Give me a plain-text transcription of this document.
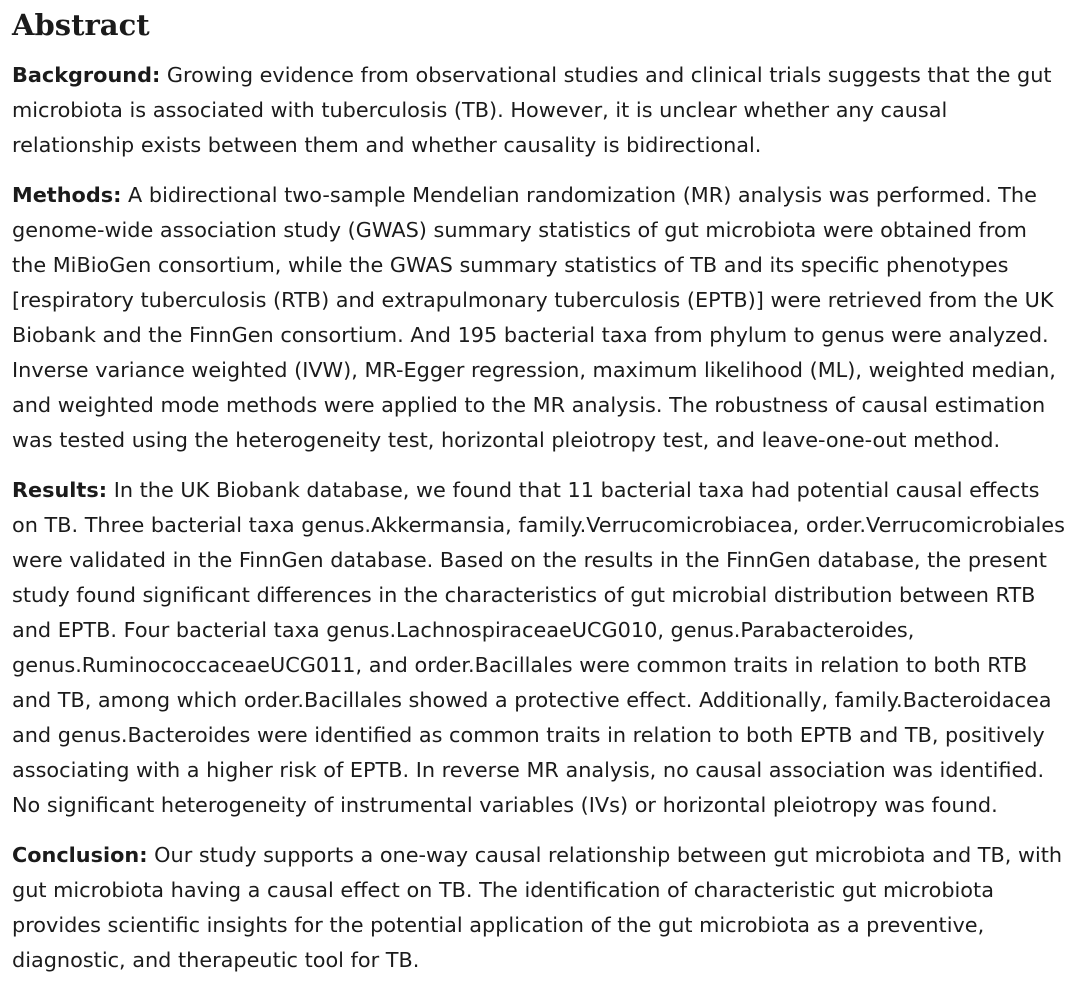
Abstract

Background: Growing evidence from observational studies and clinical trials suggests that the gut microbiota is associated with tuberculosis (TB). However, it is unclear whether any causal relationship exists between them and whether causality is bidirectional.

Methods: A bidirectional two-sample Mendelian randomization (MR) analysis was performed. The genome-wide association study (GWAS) summary statistics of gut microbiota were obtained from the MiBioGen consortium, while the GWAS summary statistics of TB and its specific phenotypes [respiratory tuberculosis (RTB) and extrapulmonary tuberculosis (EPTB)] were retrieved from the UK Biobank and the FinnGen consortium. And 195 bacterial taxa from phylum to genus were analyzed. Inverse variance weighted (IVW), MR-Egger regression, maximum likelihood (ML), weighted median, and weighted mode methods were applied to the MR analysis. The robustness of causal estimation was tested using the heterogeneity test, horizontal pleiotropy test, and leave-one-out method.

Results: In the UK Biobank database, we found that 11 bacterial taxa had potential causal effects on TB. Three bacterial taxa genus.Akkermansia, family.Verrucomicrobiacea, order.Verrucomicrobiales were validated in the FinnGen database. Based on the results in the FinnGen database, the present study found significant differences in the characteristics of gut microbial distribution between RTB and EPTB. Four bacterial taxa genus.LachnospiraceaeUCG010, genus.Parabacteroides, genus.RuminococcaceaeUCG011, and order.Bacillales were common traits in relation to both RTB and TB, among which order.Bacillales showed a protective effect. Additionally, family.Bacteroidacea and genus.Bacteroides were identified as common traits in relation to both EPTB and TB, positively associating with a higher risk of EPTB. In reverse MR analysis, no causal association was identified. No significant heterogeneity of instrumental variables (IVs) or horizontal pleiotropy was found.

Conclusion: Our study supports a one-way causal relationship between gut microbiota and TB, with gut microbiota having a causal effect on TB. The identification of characteristic gut microbiota provides scientific insights for the potential application of the gut microbiota as a preventive, diagnostic, and therapeutic tool for TB.
